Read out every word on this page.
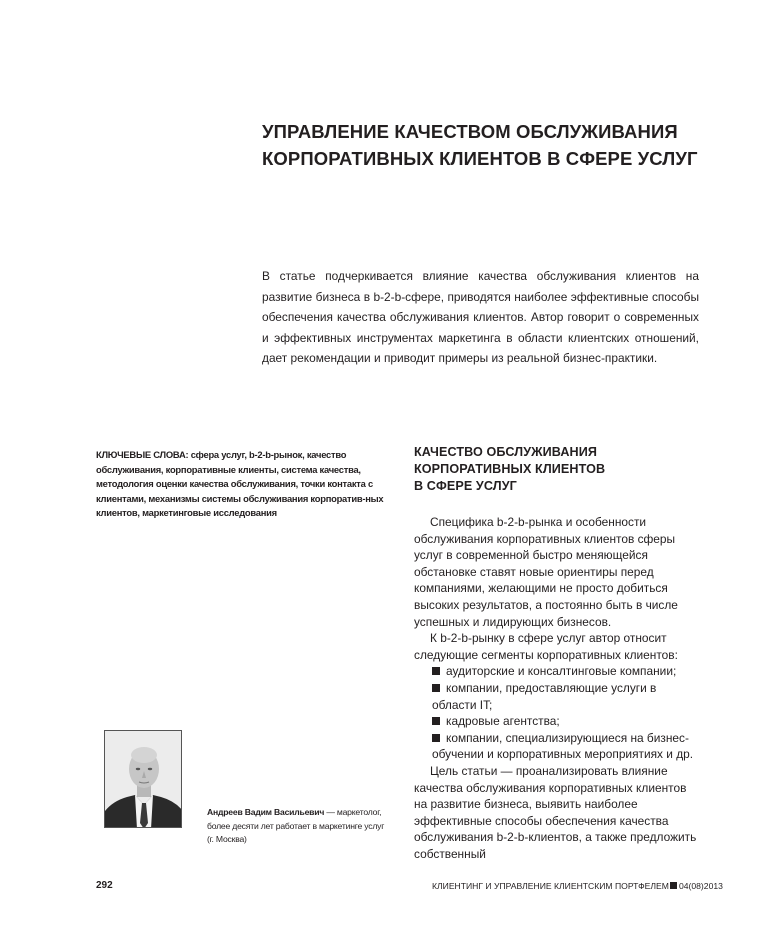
УПРАВЛЕНИЕ КАЧЕСТВОМ ОБСЛУЖИВАНИЯ
КОРПОРАТИВНЫХ КЛИЕНТОВ В СФЕРЕ УСЛУГ
В статье подчеркивается влияние качества обслуживания клиентов на развитие бизнеса в b-2-b-сфере, приводятся наиболее эффективные способы обеспечения качества обслуживания клиентов. Автор говорит о современных и эффективных инструментах маркетинга в области клиентских отношений, дает рекомендации и приводит примеры из реальной бизнес-практики.
КЛЮЧЕВЫЕ СЛОВА: сфера услуг, b-2-b-рынок, качество обслуживания, корпоративные клиенты, система качества, методология оценки качества обслуживания, точки контакта с клиентами, механизмы системы обслуживания корпоратив-ных клиентов, маркетинговые исследования
Андреев Вадим Васильевич — маркетолог, более десяти лет работает в маркетинге услуг (г. Москва)
КАЧЕСТВО ОБСЛУЖИВАНИЯ
КОРПОРАТИВНЫХ КЛИЕНТОВ
В СФЕРЕ УСЛУГ
Специфика b-2-b-рынка и особенности обслуживания корпоративных клиентов сферы услуг в современной быстро меняющейся обстановке ставят новые ориентиры перед компаниями, желающими не просто добиться высоких результатов, а постоянно быть в числе успешных и лидирующих бизнесов.
К b-2-b-рынку в сфере услуг автор относит следующие сегменты корпоративных клиентов:
аудиторские и консалтинговые компании;
компании, предоставляющие услуги в области IT;
кадровые агентства;
компании, специализирующиеся на бизнес-обучении и корпоративных мероприятиях и др.
Цель статьи — проанализировать влияние качества обслуживания корпоративных клиентов на развитие бизнеса, выявить наиболее эффективные способы обеспечения качества обслуживания b-2-b-клиентов, а также предложить собственный
292	КЛИЕНТИНГ И УПРАВЛЕНИЕ КЛИЕНТСКИМ ПОРТФЕЛЕМ 04(08)2013
